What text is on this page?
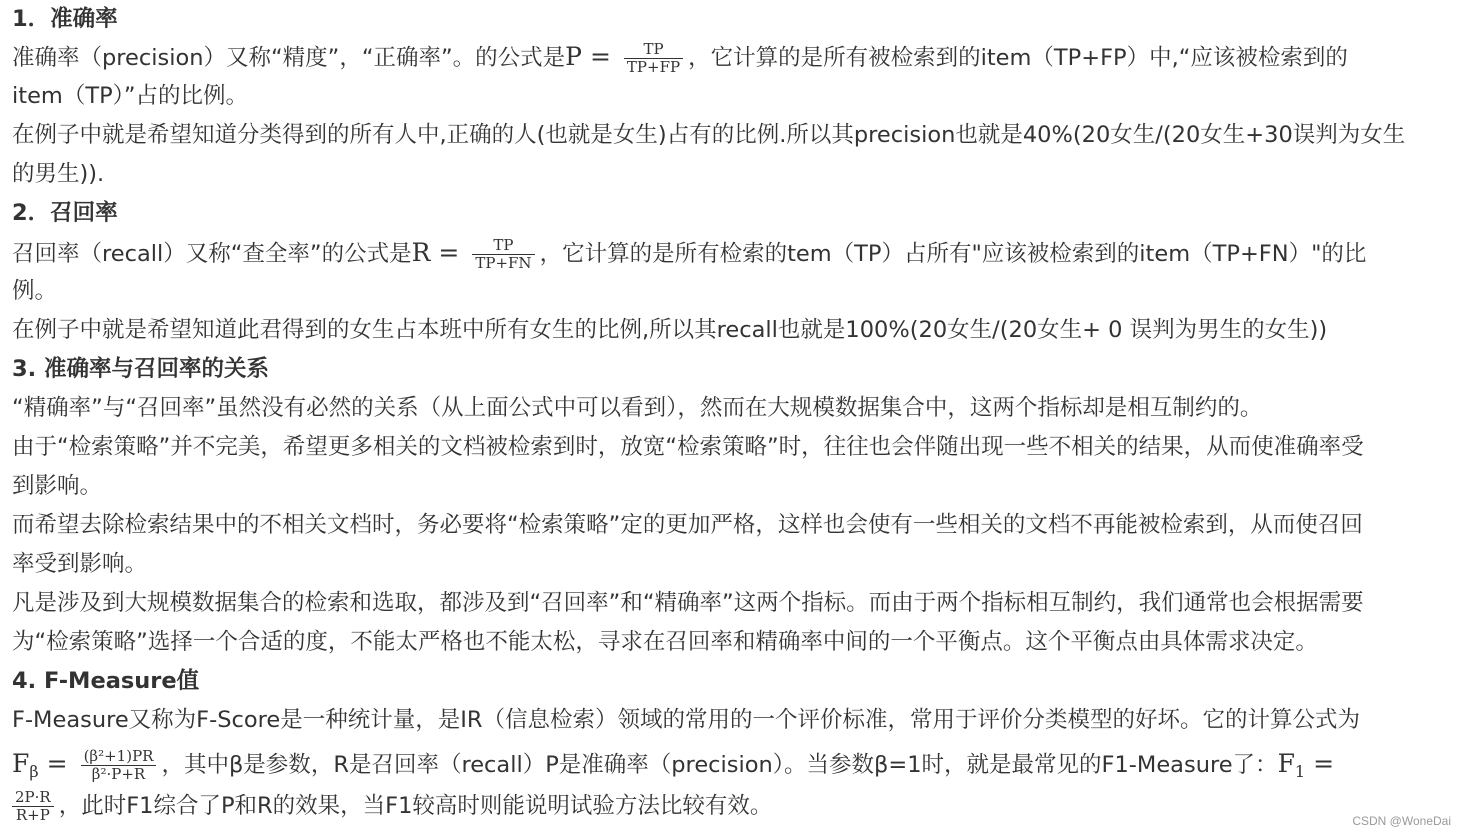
1．准确率
准确率（precision）又称“精度”，“正确率”。的公式是$P = \frac{TP}{TP+FP}$ ，它计算的是所有被检索到的item（TP+FP）中,“应该被检索到的
item（TP）”占的比例。
在例子中就是希望知道分类得到的所有人中,正确的人(也就是女生)占有的比例.所以其precision也就是40%(20女生/(20女生+30误判为女生
的男生)).
2．召回率
召回率（recall）又称“查全率”的公式是$R = \frac{TP}{TP+FN}$ ，它计算的是所有检索的tem（TP）占所有"应该被检索到的item（TP+FN）"的比
例。
在例子中就是希望知道此君得到的女生占本班中所有女生的比例,所以其recall也就是100%(20女生/(20女生+ 0 误判为男生的女生))
3. 准确率与召回率的关系
“精确率”与“召回率”虽然没有必然的关系（从上面公式中可以看到），然而在大规模数据集合中，这两个指标却是相互制约的。
由于“检索策略”并不完美，希望更多相关的文档被检索到时，放宽“检索策略”时，往往也会伴随出现一些不相关的结果，从而使准确率受
到影响。
而希望去除检索结果中的不相关文档时，务必要将“检索策略”定的更加严格，这样也会使有一些相关的文档不再能被检索到，从而使召回
率受到影响。
凡是涉及到大规模数据集合的检索和选取，都涉及到“召回率”和“精确率”这两个指标。而由于两个指标相互制约，我们通常也会根据需要
为“检索策略”选择一个合适的度，不能太严格也不能太松，寻求在召回率和精确率中间的一个平衡点。这个平衡点由具体需求决定。
4. F-Measure值
F-Measure又称为F-Score是一种统计量，是IR（信息检索）领域的常用的一个评价标准，常用于评价分类模型的好坏。它的计算公式为
$F_\beta = \frac{\text{(β²+1)PR}}{\text{β²·P+R}}$ ，其中β是参数，R是召回率（recall）P是准确率（precision）。当参数β=1时，就是最常见的F1-Measure了：$F_1$ =
$\frac{2P\cdot R}{R+P}$ ，此时F1综合了P和R的效果，当F1较高时则能说明试验方法比较有效。
CSDN @WoneDai
